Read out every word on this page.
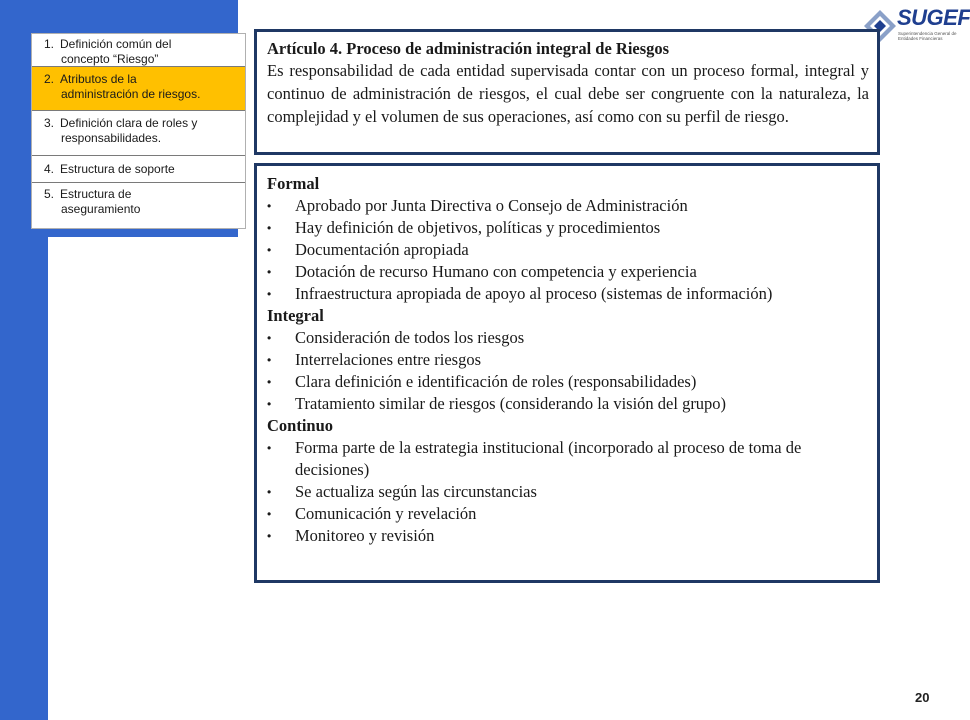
1. Definición común del
concepto “Riesgo”
2. Atributos de la
administración de riesgos.
3. Definición clara de roles y
responsabilidades.
4. Estructura de soporte
5. Estructura de
aseguramiento
SUGEF
Superintendencia General de Entidades Financieras
Artículo 4. Proceso de administración integral de Riesgos
Es responsabilidad de cada entidad supervisada contar con un proceso formal, integral y continuo de administración de riesgos, el cual debe ser congruente con la naturaleza, la complejidad y el volumen de sus operaciones, así como con su perfil de riesgo.
Formal
•	Aprobado por Junta Directiva o Consejo de Administración
•	Hay definición de objetivos, políticas y procedimientos
•	Documentación apropiada
•	Dotación de recurso Humano con competencia y experiencia
•	Infraestructura apropiada de apoyo al proceso (sistemas de información)
Integral
•	Consideración de todos los riesgos
•	Interrelaciones entre riesgos
•	Clara definición e identificación de roles (responsabilidades)
•	Tratamiento similar de riesgos (considerando la visión del grupo)
Continuo
•	Forma parte de la estrategia institucional (incorporado al proceso de toma de decisiones)
•	Se actualiza según las circunstancias
•	Comunicación y revelación
•	Monitoreo y revisión
20
